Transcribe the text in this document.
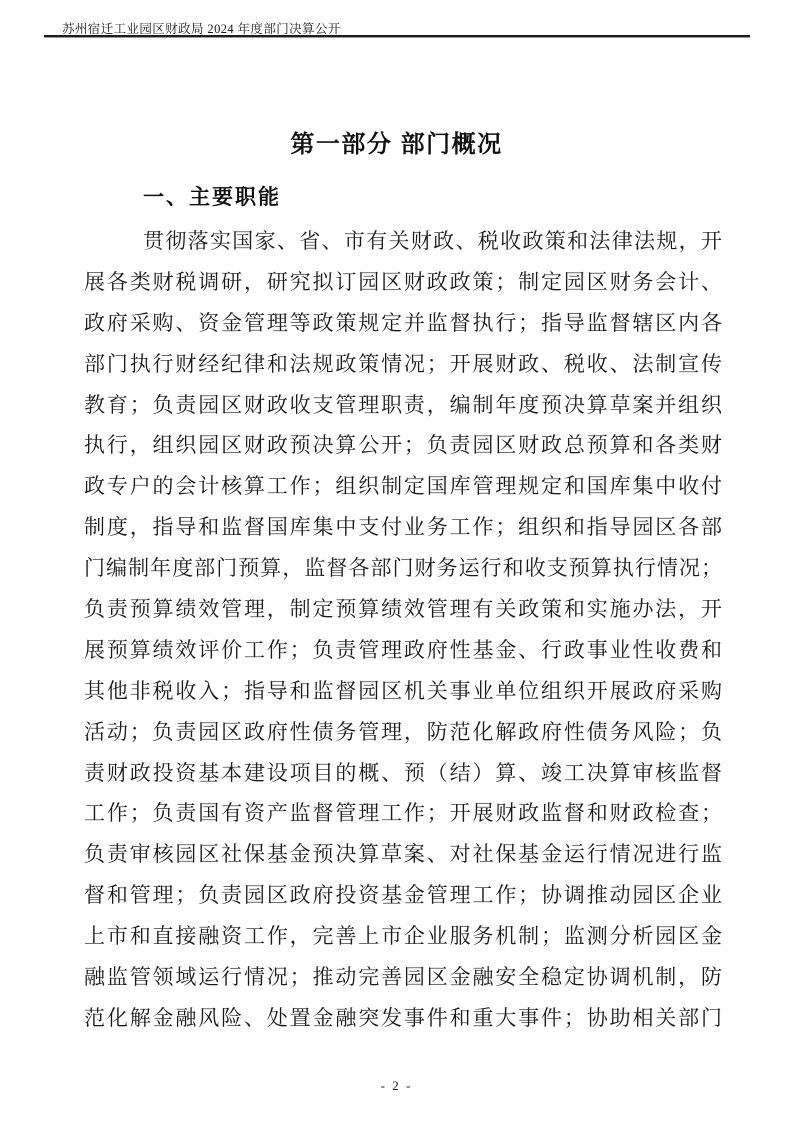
苏州宿迁工业园区财政局 2024 年度部门决算公开
第一部分 部门概况
一、主要职能
贯彻落实国家、省、市有关财政、税收政策和法律法规，开
展各类财税调研，研究拟订园区财政政策；制定园区财务会计、
政府采购、资金管理等政策规定并监督执行；指导监督辖区内各
部门执行财经纪律和法规政策情况；开展财政、税收、法制宣传
教育；负责园区财政收支管理职责，编制年度预决算草案并组织
执行，组织园区财政预决算公开；负责园区财政总预算和各类财
政专户的会计核算工作；组织制定国库管理规定和国库集中收付
制度，指导和监督国库集中支付业务工作；组织和指导园区各部
门编制年度部门预算，监督各部门财务运行和收支预算执行情况；
负责预算绩效管理，制定预算绩效管理有关政策和实施办法，开
展预算绩效评价工作；负责管理政府性基金、行政事业性收费和
其他非税收入；指导和监督园区机关事业单位组织开展政府采购
活动；负责园区政府性债务管理，防范化解政府性债务风险；负
责财政投资基本建设项目的概、预（结）算、竣工决算审核监督
工作；负责国有资产监督管理工作；开展财政监督和财政检查；
负责审核园区社保基金预决算草案、对社保基金运行情况进行监
督和管理；负责园区政府投资基金管理工作；协调推动园区企业
上市和直接融资工作，完善上市企业服务机制；监测分析园区金
融监管领域运行情况；推动完善园区金融安全稳定协调机制，防
范化解金融风险、处置金融突发事件和重大事件；协助相关部门
- 2 -
